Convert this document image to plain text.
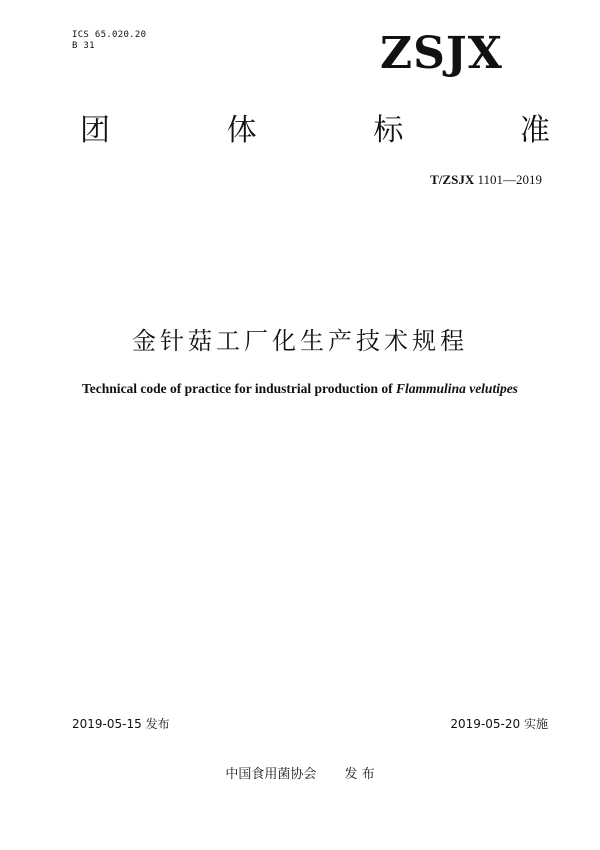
ICS 65.020.20
B 31	ZSJX
团	体	标	准
T/ZSJX 1101—2019
金针菇工厂化生产技术规程
Technical code of practice for industrial production of Flammulina velutipes
2019-05-15 发布	2019-05-20 实施
中国食用菌协会 发 布
